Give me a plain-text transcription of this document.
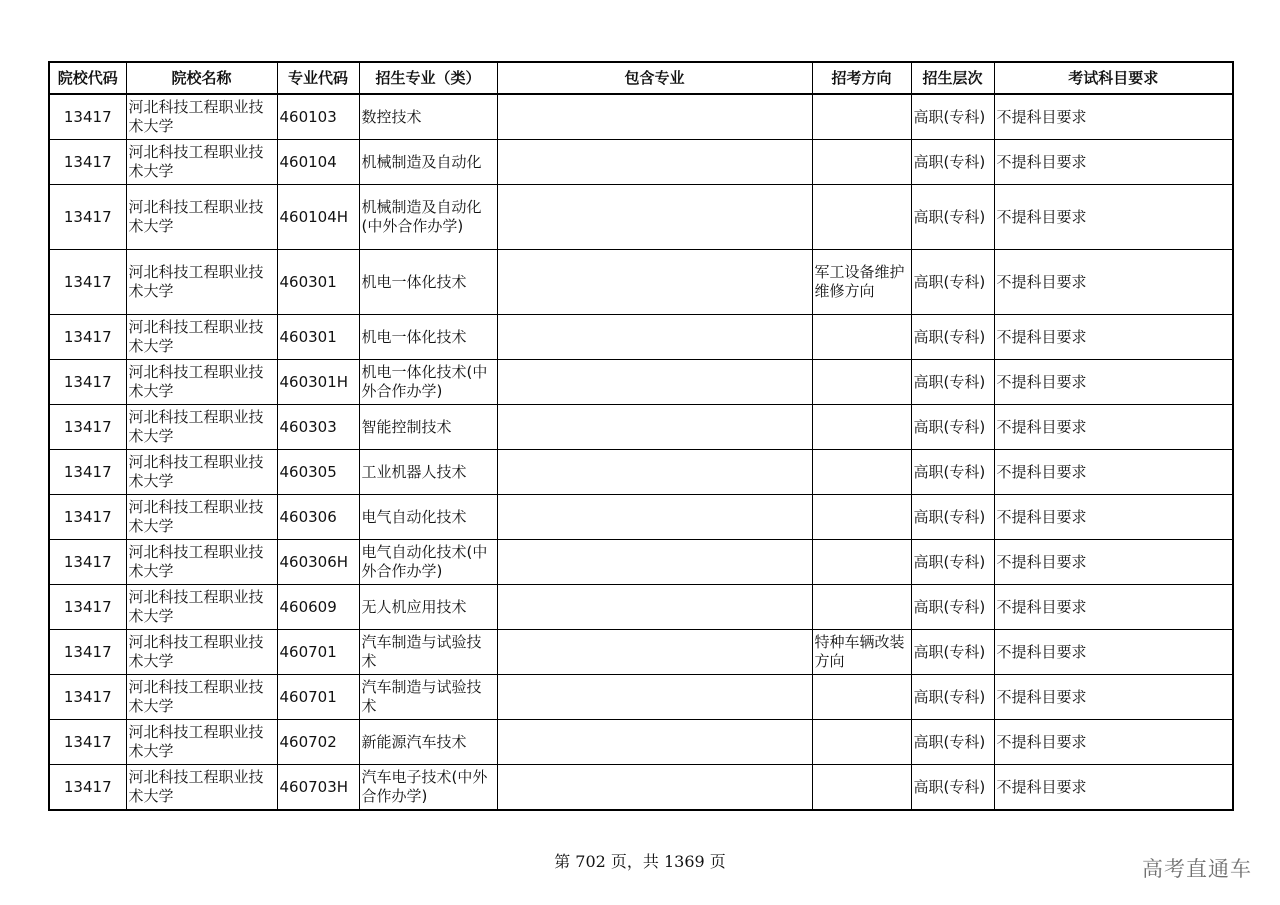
院校代码	院校名称	专业代码	招生专业（类）	包含专业	招考方向	招生层次	考试科目要求
13417	河北科技工程职业技术大学	460103	数控技术			高职(专科)	不提科目要求
13417	河北科技工程职业技术大学	460104	机械制造及自动化			高职(专科)	不提科目要求
13417	河北科技工程职业技术大学	460104H	机械制造及自动化(中外合作办学)			高职(专科)	不提科目要求
13417	河北科技工程职业技术大学	460301	机电一体化技术		军工设备维护维修方向	高职(专科)	不提科目要求
13417	河北科技工程职业技术大学	460301	机电一体化技术			高职(专科)	不提科目要求
13417	河北科技工程职业技术大学	460301H	机电一体化技术(中外合作办学)			高职(专科)	不提科目要求
13417	河北科技工程职业技术大学	460303	智能控制技术			高职(专科)	不提科目要求
13417	河北科技工程职业技术大学	460305	工业机器人技术			高职(专科)	不提科目要求
13417	河北科技工程职业技术大学	460306	电气自动化技术			高职(专科)	不提科目要求
13417	河北科技工程职业技术大学	460306H	电气自动化技术(中外合作办学)			高职(专科)	不提科目要求
13417	河北科技工程职业技术大学	460609	无人机应用技术			高职(专科)	不提科目要求
13417	河北科技工程职业技术大学	460701	汽车制造与试验技术		特种车辆改装方向	高职(专科)	不提科目要求
13417	河北科技工程职业技术大学	460701	汽车制造与试验技术			高职(专科)	不提科目要求
13417	河北科技工程职业技术大学	460702	新能源汽车技术			高职(专科)	不提科目要求
13417	河北科技工程职业技术大学	460703H	汽车电子技术(中外合作办学)			高职(专科)	不提科目要求
第 702 页，共 1369 页	高考直通车
